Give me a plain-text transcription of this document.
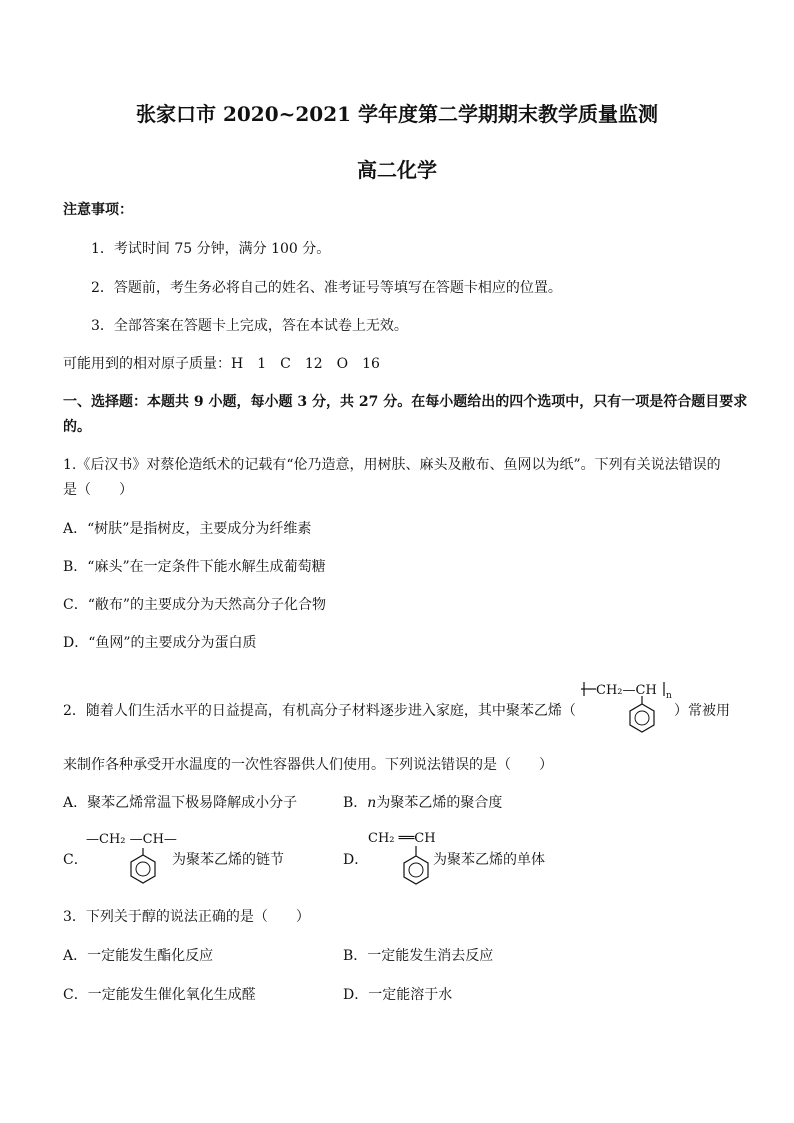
张家口市 2020~2021 学年度第二学期期末教学质量监测
高二化学
注意事项：
1．考试时间 75 分钟，满分 100 分。
2．答题前，考生务必将自己的姓名、准考证号等填写在答题卡相应的位置。
3．全部答案在答题卡上完成，答在本试卷上无效。
可能用到的相对原子质量：H　1　C　12　O　16
一、选择题：本题共 9 小题，每小题 3 分，共 27 分。在每小题给出的四个选项中，只有一项是符合题目要求
的。
1.《后汉书》对蔡伦造纸术的记载有“伦乃造意，用树肤、麻头及敝布、鱼网以为纸”。下列有关说法错误的
是（　　）
A．“树肤”是指树皮，主要成分为纤维素
B．“麻头”在一定条件下能水解生成葡萄糖
C．“敝布”的主要成分为天然高分子化合物
D．“鱼网”的主要成分为蛋白质
2．随着人们生活水平的日益提高，有机高分子材料逐步进入家庭，其中聚苯乙烯（
CH₂—CH n
）常被用
来制作各种承受开水温度的一次性容器供人们使用。下列说法错误的是（　　）
A．聚苯乙烯常温下极易降解成小分子	B．n为聚苯乙烯的聚合度
C．
—CH₂ —CH—
为聚苯乙烯的链节	D．
CH₂ ══CH
为聚苯乙烯的单体
3．下列关于醇的说法正确的是（　　）
A．一定能发生酯化反应	B．一定能发生消去反应
C．一定能发生催化氧化生成醛	D．一定能溶于水
